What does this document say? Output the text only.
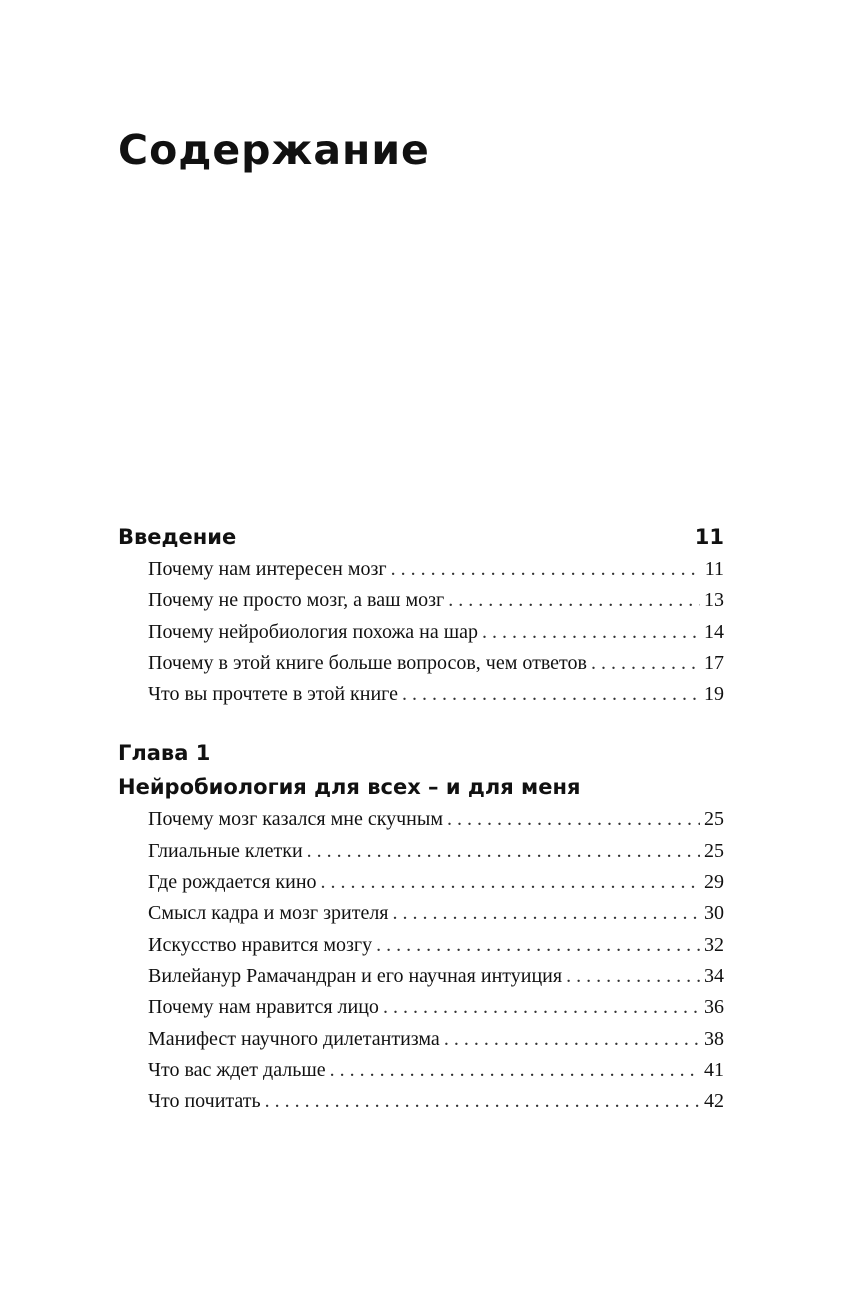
Содержание
Введение	11
Почему нам интересен мозг . . .	11
Почему не просто мозг, а ваш мозг . . .	13
Почему нейробиология похожа на шар . . .	14
Почему в этой книге больше вопросов, чем ответов . . .	17
Что вы прочтете в этой книге . . .	19
Глава 1
Нейробиология для всех – и для меня
Почему мозг казался мне скучным . . .	25
Глиальные клетки . . .	25
Где рождается кино . . .	29
Смысл кадра и мозг зрителя . . .	30
Искусство нравится мозгу . . .	32
Вилейанур Рамачандран и его научная интуиция . . .	34
Почему нам нравится лицо . . .	36
Манифест научного дилетантизма . . .	38
Что вас ждет дальше . . .	41
Что почитать . . .	42
